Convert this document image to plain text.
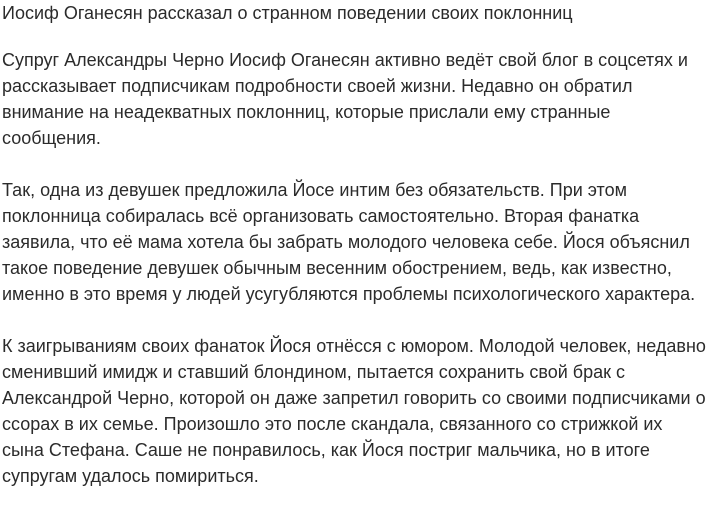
Иосиф Оганесян рассказал о странном поведении своих поклонниц

Супруг Александры Черно Иосиф Оганесян активно ведёт свой блог в соцсетях и рассказывает подписчикам подробности своей жизни. Недавно он обратил внимание на неадекватных поклонниц, которые прислали ему странные сообщения.

Так, одна из девушек предложила Йосе интим без обязательств. При этом поклонница собиралась всё организовать самостоятельно. Вторая фанатка заявила, что её мама хотела бы забрать молодого человека себе. Йося объяснил такое поведение девушек обычным весенним обострением, ведь, как известно, именно в это время у людей усугубляются проблемы психологического характера.

К заигрываниям своих фанаток Йося отнёсся с юмором. Молодой человек, недавно сменивший имидж и ставший блондином, пытается сохранить свой брак с Александрой Черно, которой он даже запретил говорить со своими подписчиками о ссорах в их семье. Произошло это после скандала, связанного со стрижкой их сына Стефана. Саше не понравилось, как Йося постриг мальчика, но в итоге супругам удалось помириться.
